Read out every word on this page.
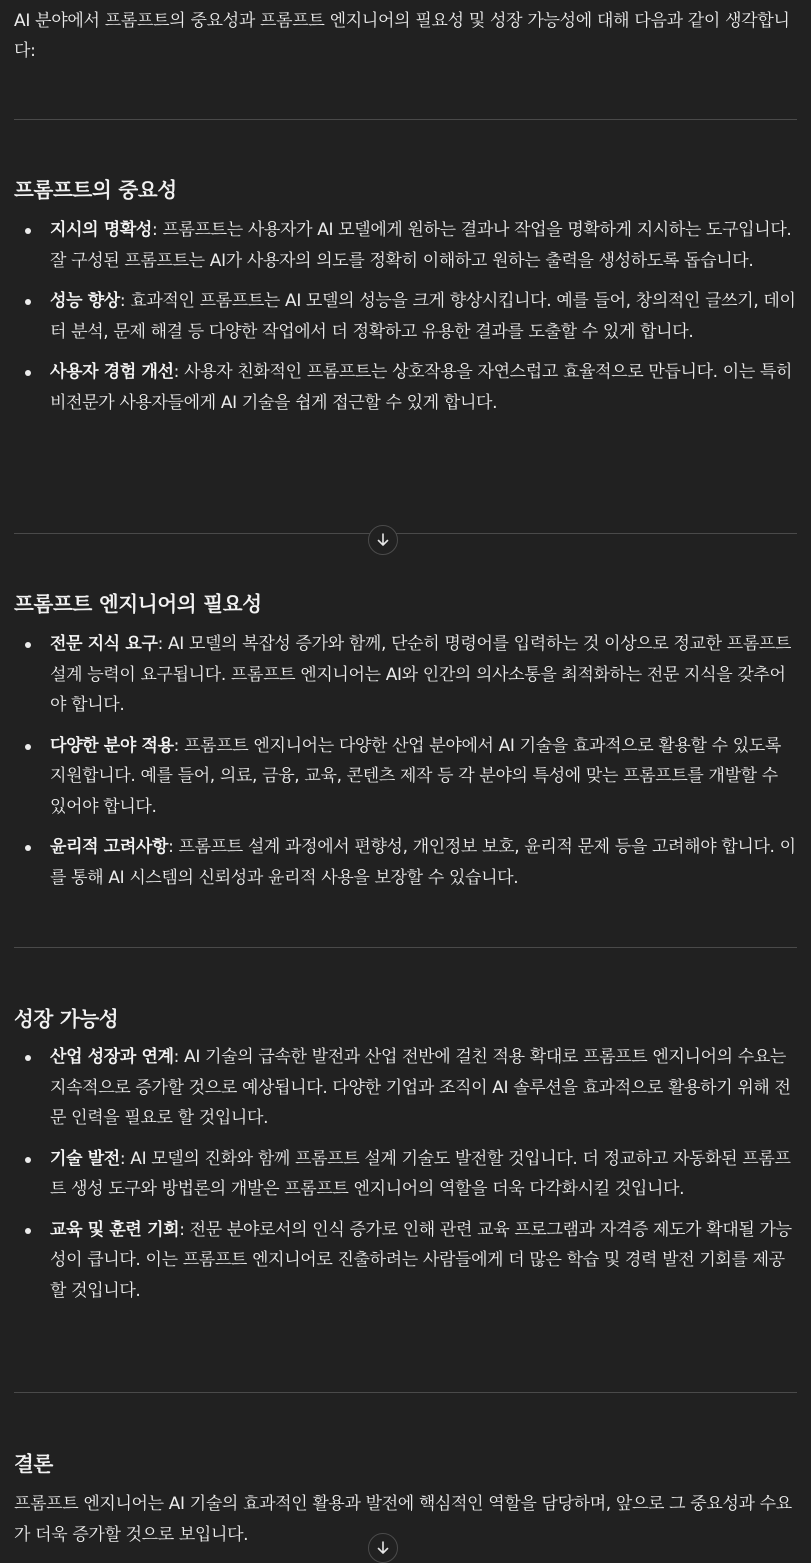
AI 분야에서 프롬프트의 중요성과 프롬프트 엔지니어의 필요성 및 성장 가능성에 대해 다음과 같이 생각합니다:

프롬프트의 중요성
지시의 명확성: 프롬프트는 사용자가 AI 모델에게 원하는 결과나 작업을 명확하게 지시하는 도구입니다. 잘 구성된 프롬프트는 AI가 사용자의 의도를 정확히 이해하고 원하는 출력을 생성하도록 돕습니다.
성능 향상: 효과적인 프롬프트는 AI 모델의 성능을 크게 향상시킵니다. 예를 들어, 창의적인 글쓰기, 데이터 분석, 문제 해결 등 다양한 작업에서 더 정확하고 유용한 결과를 도출할 수 있게 합니다.
사용자 경험 개선: 사용자 친화적인 프롬프트는 상호작용을 자연스럽고 효율적으로 만듭니다. 이는 특히 비전문가 사용자들에게 AI 기술을 쉽게 접근할 수 있게 합니다.
프롬프트 엔지니어의 필요성
전문 지식 요구: AI 모델의 복잡성 증가와 함께, 단순히 명령어를 입력하는 것 이상으로 정교한 프롬프트 설계 능력이 요구됩니다. 프롬프트 엔지니어는 AI와 인간의 의사소통을 최적화하는 전문 지식을 갖추어야 합니다.
다양한 분야 적용: 프롬프트 엔지니어는 다양한 산업 분야에서 AI 기술을 효과적으로 활용할 수 있도록 지원합니다. 예를 들어, 의료, 금융, 교육, 콘텐츠 제작 등 각 분야의 특성에 맞는 프롬프트를 개발할 수 있어야 합니다.
윤리적 고려사항: 프롬프트 설계 과정에서 편향성, 개인정보 보호, 윤리적 문제 등을 고려해야 합니다. 이를 통해 AI 시스템의 신뢰성과 윤리적 사용을 보장할 수 있습니다.
성장 가능성
산업 성장과 연계: AI 기술의 급속한 발전과 산업 전반에 걸친 적용 확대로 프롬프트 엔지니어의 수요는 지속적으로 증가할 것으로 예상됩니다. 다양한 기업과 조직이 AI 솔루션을 효과적으로 활용하기 위해 전문 인력을 필요로 할 것입니다.
기술 발전: AI 모델의 진화와 함께 프롬프트 설계 기술도 발전할 것입니다. 더 정교하고 자동화된 프롬프트 생성 도구와 방법론의 개발은 프롬프트 엔지니어의 역할을 더욱 다각화시킬 것입니다.
교육 및 훈련 기회: 전문 분야로서의 인식 증가로 인해 관련 교육 프로그램과 자격증 제도가 확대될 가능성이 큽니다. 이는 프롬프트 엔지니어로 진출하려는 사람들에게 더 많은 학습 및 경력 발전 기회를 제공할 것입니다.
결론

프롬프트 엔지니어는 AI 기술의 효과적인 활용과 발전에 핵심적인 역할을 담당하며, 앞으로 그 중요성과 수요가 더욱 증가할 것으로 보입니다.
